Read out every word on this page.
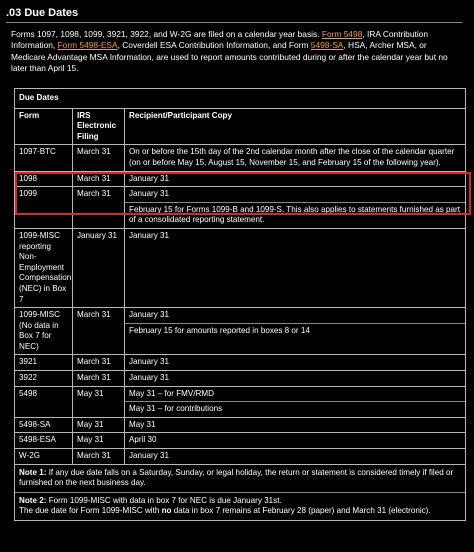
.03 Due Dates

Forms 1097, 1098, 1099, 3921, 3922, and W-2G are filed on a calendar year basis. Form 5498, IRA Contribution Information, Form 5498-ESA, Coverdell ESA Contribution Information, and Form 5498-SA, HSA, Archer MSA, or Medicare Advantage MSA Information, are used to report amounts contributed during or after the calendar year but no later than April 15.

Due Dates		
Form	IRS Electronic Filing	Recipient/Participant Copy
1097-BTC	March 31	On or before the 15th day of the 2nd calendar month after the close of the calendar quarter (on or before May 15, August 15, November 15, and February 15 of the following year).

1098	March 31	January 31

1099	March 31	January 31
February 15 for Forms 1099-B and 1099-S. This also applies to statements furnished as part of a consolidated reporting statement.

1099-MISC reporting Non-Employment Compensation (NEC) in Box 7	January 31	January 31

1099-MISC (No data in Box 7 for NEC)	March 31	January 31
February 15 for amounts reported in boxes 8 or 14

3921	March 31	January 31

3922	March 31	January 31

5498	May 31	May 31 – for FMV/RMD
May 31 – for contributions

5498-SA	May 31	May 31

5498-ESA	May 31	April 30

W-2G	March 31	January 31

Note 1: If any due date falls on a Saturday, Sunday, or legal holiday, the return or statement is considered timely if filed or furnished on the next business day.
Note 2: Form 1099-MISC with data in box 7 for NEC is due January 31st.
The due date for Form 1099-MISC with no data in box 7 remains at February 28 (paper) and March 31 (electronic).		
